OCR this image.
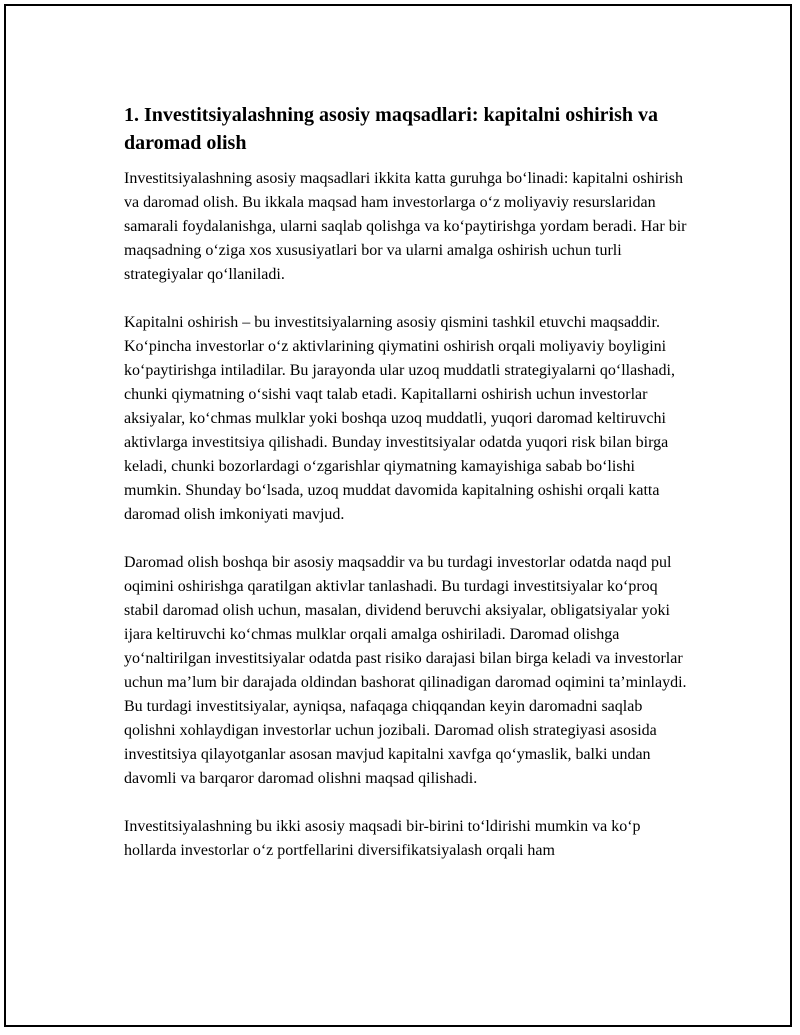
1. Investitsiyalashning asosiy maqsadlari: kapitalni oshirish va daromad olish

Investitsiyalashning asosiy maqsadlari ikkita katta guruhga bo‘linadi: kapitalni oshirish va daromad olish. Bu ikkala maqsad ham investorlarga o‘z moliyaviy resurslaridan samarali foydalanishga, ularni saqlab qolishga va ko‘paytirishga yordam beradi. Har bir maqsadning o‘ziga xos xususiyatlari bor va ularni amalga oshirish uchun turli strategiyalar qo‘llaniladi.

Kapitalni oshirish – bu investitsiyalarning asosiy qismini tashkil etuvchi maqsaddir. Ko‘pincha investorlar o‘z aktivlarining qiymatini oshirish orqali moliyaviy boyligini ko‘paytirishga intiladilar. Bu jarayonda ular uzoq muddatli strategiyalarni qo‘llashadi, chunki qiymatning o‘sishi vaqt talab etadi. Kapitallarni oshirish uchun investorlar aksiyalar, ko‘chmas mulklar yoki boshqa uzoq muddatli, yuqori daromad keltiruvchi aktivlarga investitsiya qilishadi. Bunday investitsiyalar odatda yuqori risk bilan birga keladi, chunki bozorlardagi o‘zgarishlar qiymatning kamayishiga sabab bo‘lishi mumkin. Shunday bo‘lsada, uzoq muddat davomida kapitalning oshishi orqali katta daromad olish imkoniyati mavjud.

Daromad olish boshqa bir asosiy maqsaddir va bu turdagi investorlar odatda naqd pul oqimini oshirishga qaratilgan aktivlar tanlashadi. Bu turdagi investitsiyalar ko‘proq stabil daromad olish uchun, masalan, dividend beruvchi aksiyalar, obligatsiyalar yoki ijara keltiruvchi ko‘chmas mulklar orqali amalga oshiriladi. Daromad olishga yo‘naltirilgan investitsiyalar odatda past risiko darajasi bilan birga keladi va investorlar uchun ma’lum bir darajada oldindan bashorat qilinadigan daromad oqimini ta’minlaydi. Bu turdagi investitsiyalar, ayniqsa, nafaqaga chiqqandan keyin daromadni saqlab qolishni xohlaydigan investorlar uchun jozibali. Daromad olish strategiyasi asosida investitsiya qilayotganlar asosan mavjud kapitalni xavfga qo‘ymaslik, balki undan davomli va barqaror daromad olishni maqsad qilishadi.

Investitsiyalashning bu ikki asosiy maqsadi bir-birini to‘ldirishi mumkin va ko‘p hollarda investorlar o‘z portfellarini diversifikatsiyalash orqali ham
